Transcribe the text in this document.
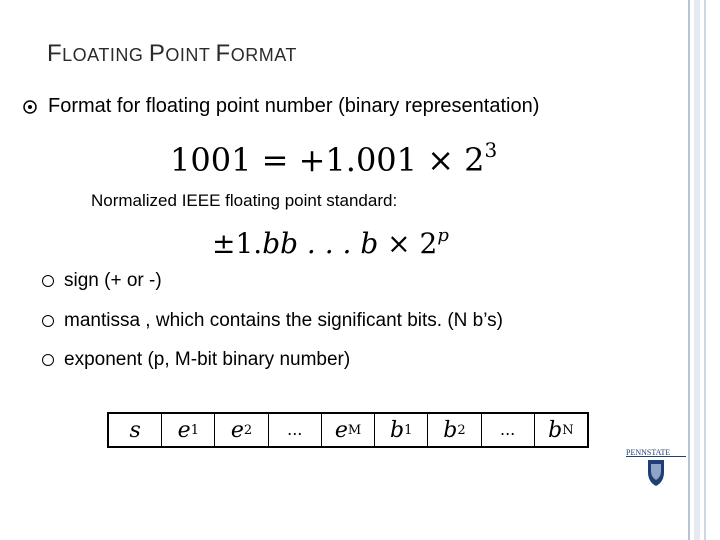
FLOATING POINT FORMAT
Format for floating point number (binary representation)
$1001 = +1.001 \times 2^3$
Normalized IEEE floating point standard:
±1.bb . . . $b \times 2^p$
sign (+ or -)
mantissa , which contains the significant bits. (N b’s)
exponent (p, M-bit binary number)
s e 1 e 2 ... e M b 1 b 2 ... b N
PENNSTATE
